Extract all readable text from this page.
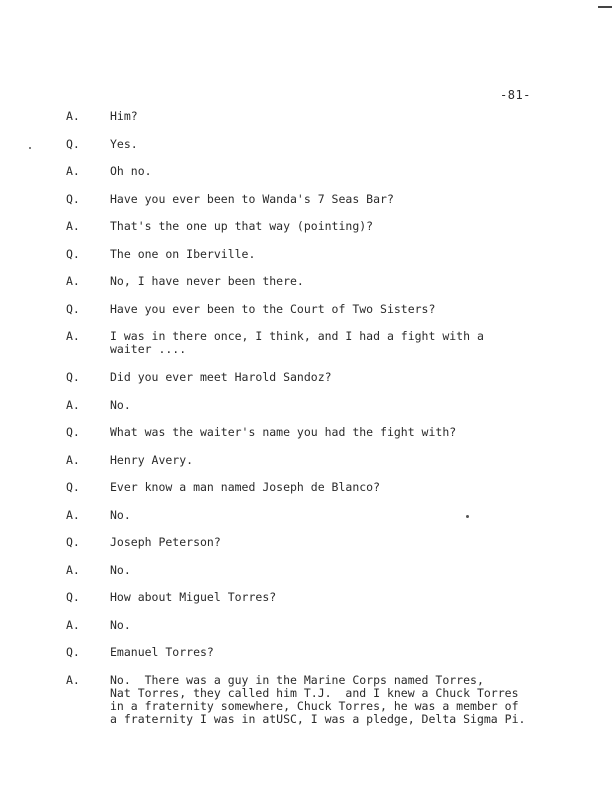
-81-
A.	Him?
Q.	Yes.
A.	Oh no.
Q.	Have you ever been to Wanda's 7 Seas Bar?
A.	That's the one up that way (pointing)?
Q.	The one on Iberville.
A.	No, I have never been there.
Q.	Have you ever been to the Court of Two Sisters?
A.	I was in there once, I think, and I had a fight with a
waiter ....
Q.	Did you ever meet Harold Sandoz?
A.	No.
Q.	What was the waiter's name you had the fight with?
A.	Henry Avery.
Q.	Ever know a man named Joseph de Blanco?
A.	No.
Q.	Joseph Peterson?
A.	No.
Q.	How about Miguel Torres?
A.	No.
Q.	Emanuel Torres?
A.	No.  There was a guy in the Marine Corps named Torres,
Nat Torres, they called him T.J.  and I knew a Chuck Torres
in a fraternity somewhere, Chuck Torres, he was a member of
a fraternity I was in atUSC, I was a pledge, Delta Sigma Pi.
